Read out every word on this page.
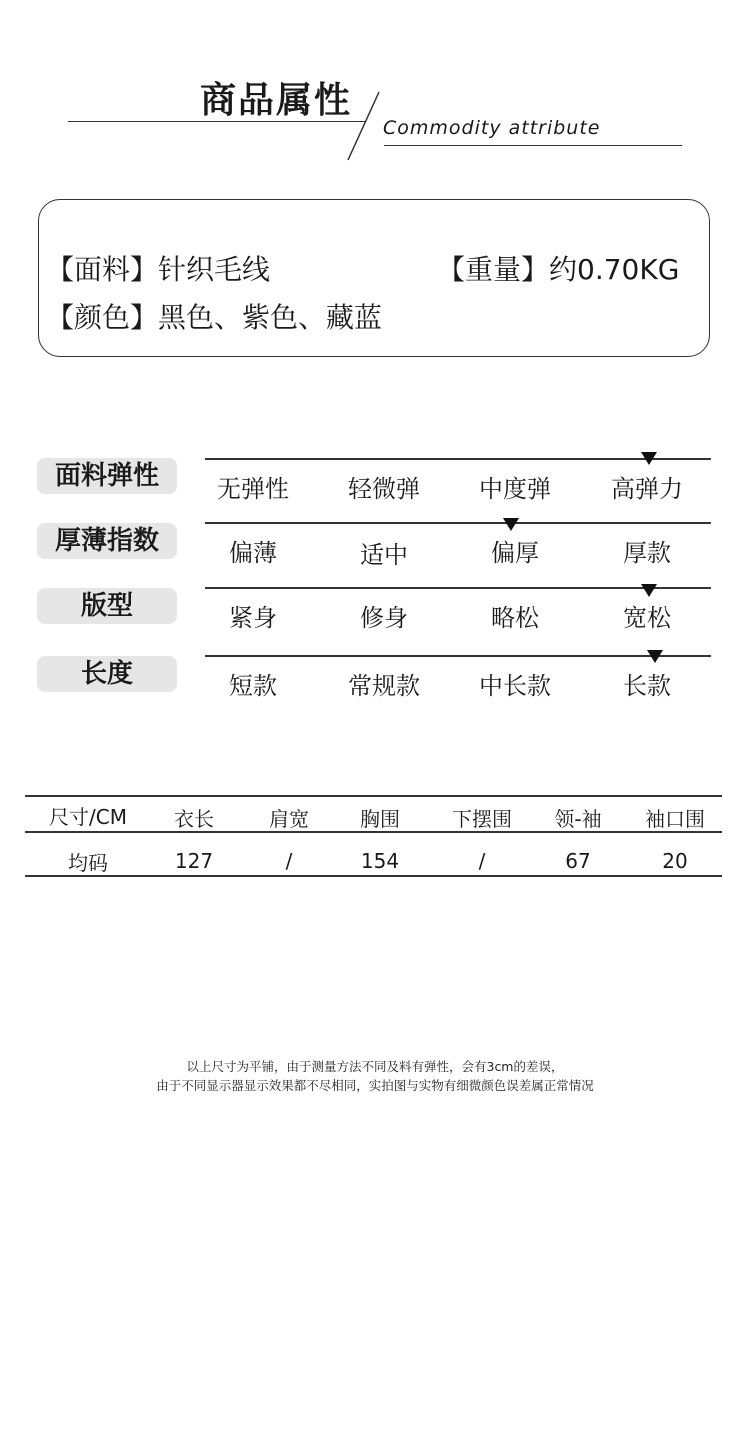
商品属性
Commodity attribute
【面料】针织毛线	【重量】约0.70KG
【颜色】黑色、紫色、藏蓝
面料弹性	无弹性	轻微弹	中度弹	高弹力
厚薄指数	偏薄	适中	偏厚	厚款
版型	紧身	修身	略松	宽松
长度	短款	常规款	中长款	长款
尺寸/CM	衣长	肩宽	胸围	下摆围	领-袖	袖口围
均码	127	/	154	/	67	20
以上尺寸为平铺，由于测量方法不同及料有弹性，会有3cm的差误，
由于不同显示器显示效果都不尽相同，实拍图与实物有细微颜色误差属正常情况
